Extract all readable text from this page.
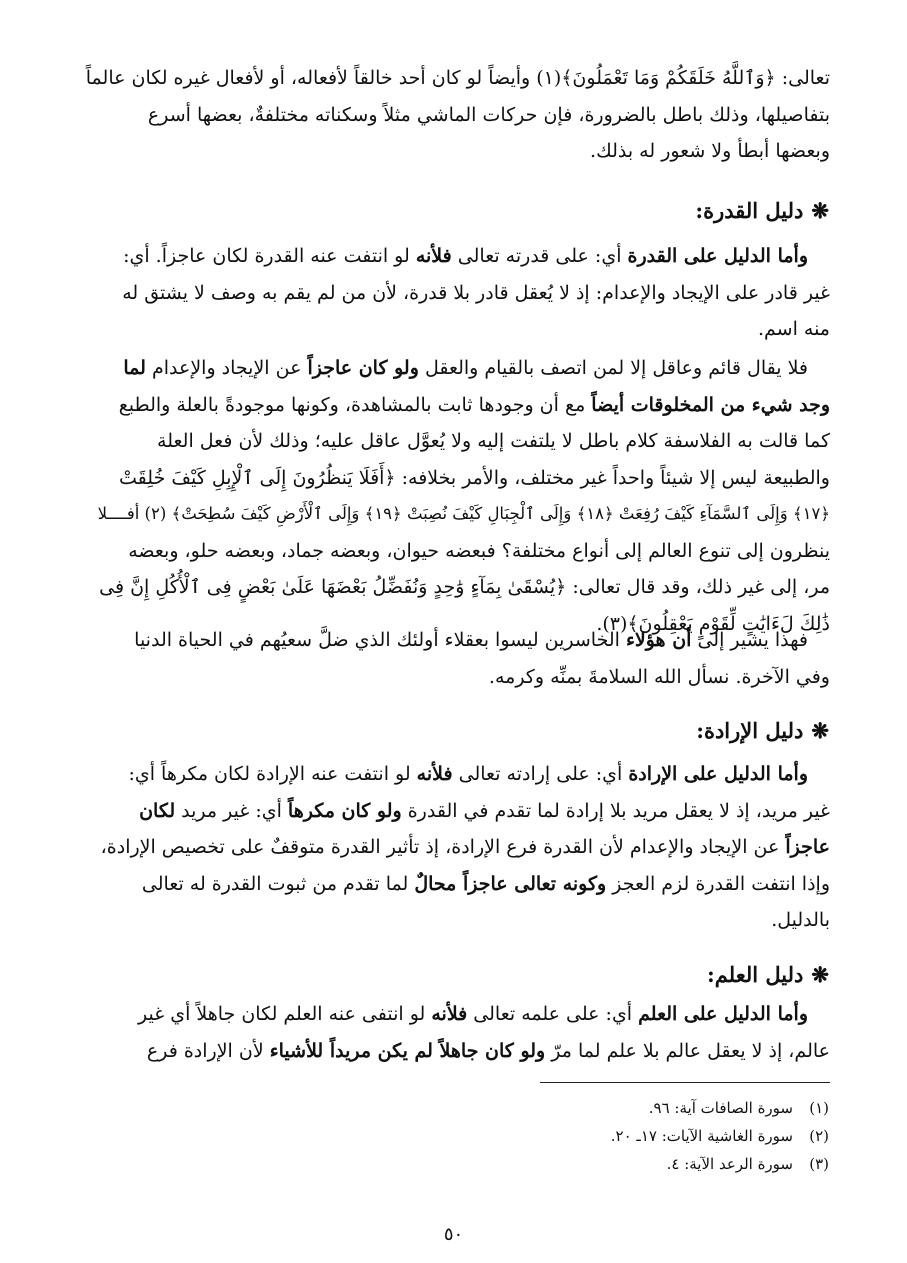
تعالى: ﴿وَٱللَّهُ خَلَقَكُمْ وَمَا تَعْمَلُونَ﴾(١) وأيضاً لو كان أحد خالقاً لأفعاله، أو لأفعال غيره لكان عالماً
بتفاصيلها، وذلك باطل بالضرورة، فإن حركات الماشي مثلاً وسكناته مختلفةٌ، بعضها أسرع
وبعضها أبطأ ولا شعور له بذلك.
❋دليل القدرة:
وأما الدليل على القدرة أي: على قدرته تعالى فلأنه لو انتفت عنه القدرة لكان عاجزاً. أي:
غير قادر على الإيجاد والإعدام: إذ لا يُعقل قادر بلا قدرة، لأن من لم يقم به وصف لا يشتق له
منه اسم.
فلا يقال قائم وعاقل إلا لمن اتصف بالقيام والعقل ولو كان عاجزاً عن الإيجاد والإعدام لما
وجد شيء من المخلوقات أيضاً مع أن وجودها ثابت بالمشاهدة، وكونها موجودةً بالعلة والطبع
كما قالت به الفلاسفة كلام باطل لا يلتفت إليه ولا يُعوَّل عاقل عليه؛ وذلك لأن فعل العلة
والطبيعة ليس إلا شيئاً واحداً غير مختلف، والأمر بخلافه: ﴿أَفَلَا يَنظُرُونَ إِلَى ٱلْإِبِلِ كَيْفَ خُلِقَتْ
﴿١٧﴾ وَإِلَى ٱلسَّمَآءِ كَيْفَ رُفِعَتْ ﴿١٨﴾ وَإِلَى ٱلْجِبَالِ كَيْفَ نُصِبَتْ ﴿١٩﴾ وَإِلَى ٱلْأَرْضِ كَيْفَ سُطِحَتْ﴾ (٢) أفــــلا
ينظرون إلى تنوع العالم إلى أنواع مختلفة؟ فبعضه حيوان، وبعضه جماد، وبعضه حلو، وبعضه
مر، إلى غير ذلك، وقد قال تعالى: ﴿يُسْقَىٰ بِمَآءٍ وَٰحِدٍ وَنُفَضِّلُ بَعْضَهَا عَلَىٰ بَعْضٍ فِى ٱلْأُكُلِ إِنَّ فِى
ذَٰلِكَ لَءَايَٰتٍ لِّقَوْمٍ يَعْقِلُونَ﴾(٣).
فهذا يشير إلى أن هؤلاء الخاسرين ليسوا بعقلاء أولئك الذي ضلَّ سعيُهم في الحياة الدنيا
وفي الآخرة. نسأل الله السلامةَ بمنِّه وكرمه.
❋دليل الإرادة:
وأما الدليل على الإرادة أي: على إرادته تعالى فلأنه لو انتفت عنه الإرادة لكان مكرهاً أي:
غير مريد، إذ لا يعقل مريد بلا إرادة لما تقدم في القدرة ولو كان مكرهاً أي: غير مريد لكان
عاجزاً عن الإيجاد والإعدام لأن القدرة فرع الإرادة، إذ تأثير القدرة متوقفٌ على تخصيص الإرادة،
وإذا انتفت القدرة لزم العجز وكونه تعالى عاجزاً محالٌ لما تقدم من ثبوت القدرة له تعالى
بالدليل.
❋دليل العلم:
وأما الدليل على العلم أي: على علمه تعالى فلأنه لو انتفى عنه العلم لكان جاهلاً أي غير
عالم، إذ لا يعقل عالم بلا علم لما مرّ ولو كان جاهلاً لم يكن مريداً للأشياء لأن الإرادة فرع
(١)سورة الصافات آية: ٩٦.
(٢)سورة الغاشية الآيات: ١٧ـ ٢٠.
(٣)سورة الرعد الآية: ٤.
٥٠
